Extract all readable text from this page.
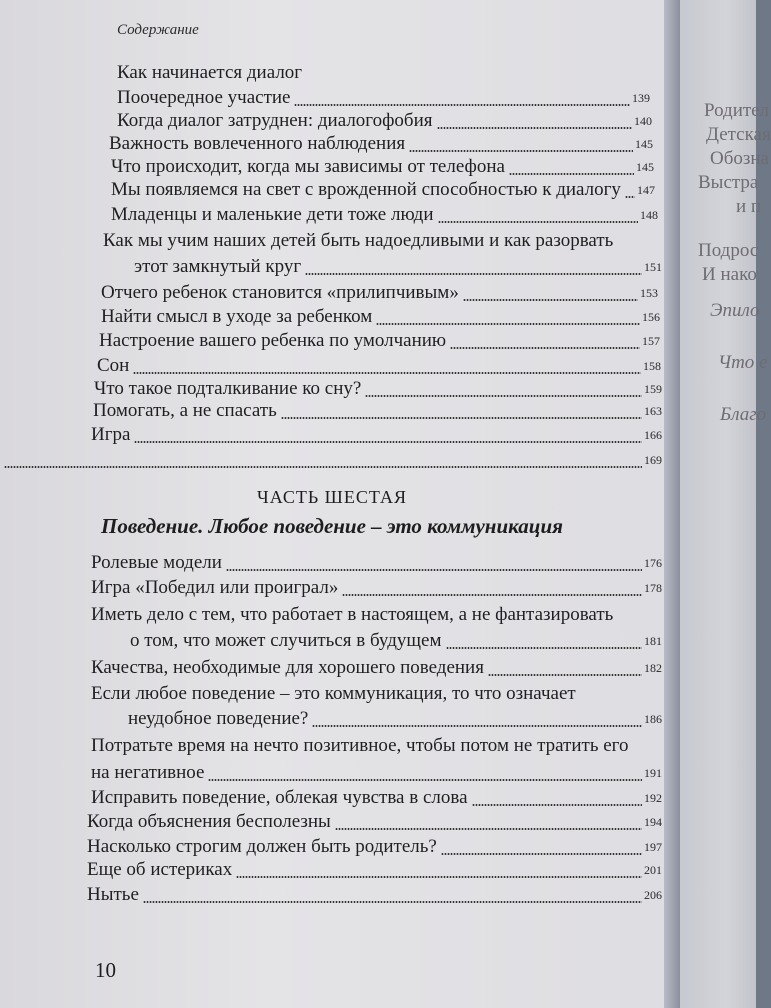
Содержание
Как начинается диалог
Поочередное участие	139
Когда диалог затруднен: диалогофобия	140
Важность вовлеченного наблюдения	145
Что происходит, когда мы зависимы от телефона	145
Мы появляемся на свет с врожденной способностью к диалогу 147
Младенцы и маленькие дети тоже люди	148
Как мы учим наших детей быть надоедливыми и как разорвать
этот замкнутый круг	151
Отчего ребенок становится «прилипчивым»	153
Найти смысл в уходе за ребенком	156
Настроение вашего ребенка по умолчанию	157
Сон	158
Что такое подталкивание ко сну?	159
Помогать, а не спасать	163
Игра	166
169
Ролевые модели	176
Игра «Победил или проиграл»	178
Иметь дело с тем, что работает в настоящем, а не фантазировать
о том, что может случиться в будущем	181
Качества, необходимые для хорошего поведения	182
Если любое поведение – это коммуникация, то что означает
неудобное поведение?	186
Потратьте время на нечто позитивное, чтобы потом не тратить его
на негативное	191
Исправить поведение, облекая чувства в слова	192
Когда объяснения бесполезны	194
Насколько строгим должен быть родитель?	197
Еще об истериках	201
Нытье	206
ЧАСТЬ ШЕСТАЯ
Поведение. Любое поведение – это коммуникация
10
Родител
Детская
Обозна
Выстра
и п
Подрос
И нако
Эпило
Что е
Благо
